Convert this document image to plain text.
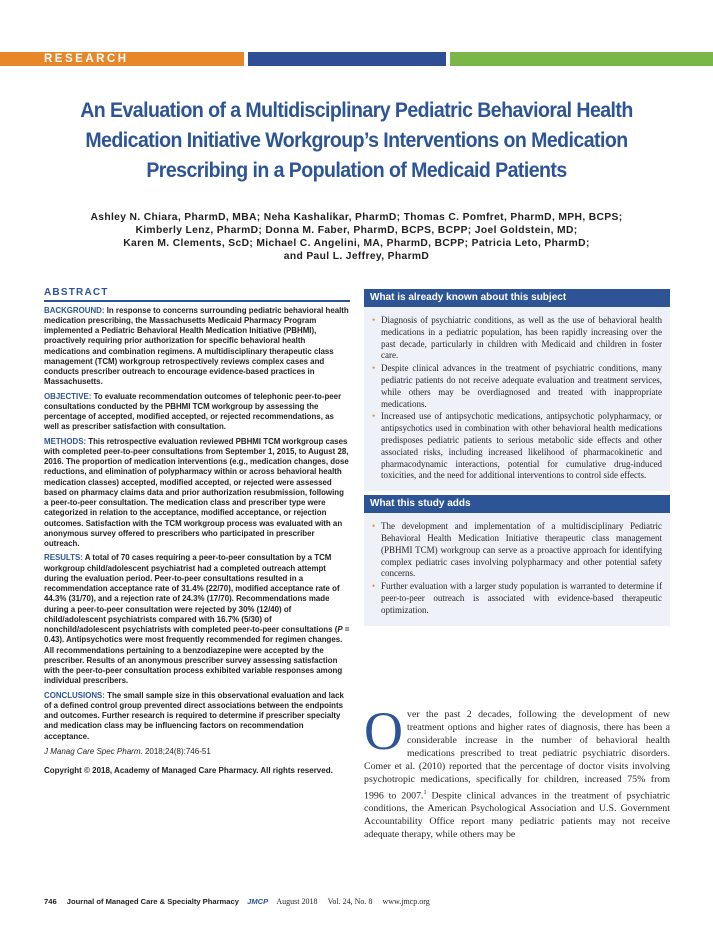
RESEARCH
An Evaluation of a Multidisciplinary Pediatric Behavioral Health Medication Initiative Workgroup’s Interventions on Medication Prescribing in a Population of Medicaid Patients
Ashley N. Chiara, PharmD, MBA; Neha Kashalikar, PharmD; Thomas C. Pomfret, PharmD, MPH, BCPS;
Kimberly Lenz, PharmD; Donna M. Faber, PharmD, BCPS, BCPP; Joel Goldstein, MD;
Karen M. Clements, ScD; Michael C. Angelini, MA, PharmD, BCPP; Patricia Leto, PharmD;
and Paul L. Jeffrey, PharmD
ABSTRACT

BACKGROUND: In response to concerns surrounding pediatric behavioral health medication prescribing, the Massachusetts Medicaid Pharmacy Program implemented a Pediatric Behavioral Health Medication Initiative (PBHMI), proactively requiring prior authorization for specific behavioral health medications and combination regimens. A multidisciplinary therapeutic class management (TCM) workgroup retrospectively reviews complex cases and conducts prescriber outreach to encourage evidence-based practices in Massachusetts.

OBJECTIVE: To evaluate recommendation outcomes of telephonic peer-to-peer consultations conducted by the PBHMI TCM workgroup by assessing the percentage of accepted, modified accepted, or rejected recommendations, as well as prescriber satisfaction with consultation.

METHODS: This retrospective evaluation reviewed PBHMI TCM workgroup cases with completed peer-to-peer consultations from September 1, 2015, to August 28, 2016. The proportion of medication interventions (e.g., medication changes, dose reductions, and elimination of polypharmacy within or across behavioral health medication classes) accepted, modified accepted, or rejected were assessed based on pharmacy claims data and prior authorization resubmission, following a peer-to-peer consultation. The medication class and prescriber type were categorized in relation to the acceptance, modified acceptance, or rejection outcomes. Satisfaction with the TCM workgroup process was evaluated with an anonymous survey offered to prescribers who participated in prescriber outreach.

RESULTS: A total of 70 cases requiring a peer-to-peer consultation by a TCM workgroup child/adolescent psychiatrist had a completed outreach attempt during the evaluation period. Peer-to-peer consultations resulted in a recommendation acceptance rate of 31.4% (22/70), modified acceptance rate of 44.3% (31/70), and a rejection rate of 24.3% (17/70). Recommendations made during a peer-to-peer consultation were rejected by 30% (12/40) of child/adolescent psychiatrists compared with 16.7% (5/30) of nonchild/adolescent psychiatrists with completed peer-to-peer consultations (P = 0.43). Antipsychotics were most frequently recommended for regimen changes. All recommendations pertaining to a benzodiazepine were accepted by the prescriber. Results of an anonymous prescriber survey assessing satisfaction with the peer-to-peer consultation process exhibited variable responses among individual prescribers.

CONCLUSIONS: The small sample size in this observational evaluation and lack of a defined control group prevented direct associations between the endpoints and outcomes. Further research is required to determine if prescriber specialty and medication class may be influencing factors on recommendation acceptance.

J Manag Care Spec Pharm. 2018;24(8):746-51

Copyright © 2018, Academy of Managed Care Pharmacy. All rights reserved.

What is already known about this subject
• Diagnosis of psychiatric conditions, as well as the use of behavioral health medications in a pediatric population, has been rapidly increasing over the past decade, particularly in children with Medicaid and children in foster care.
• Despite clinical advances in the treatment of psychiatric conditions, many pediatric patients do not receive adequate evaluation and treatment services, while others may be overdiagnosed and treated with inappropriate medications.
• Increased use of antipsychotic medications, antipsychotic polypharmacy, or antipsychotics used in combination with other behavioral health medications predisposes pediatric patients to serious metabolic side effects and other associated risks, including increased likelihood of pharmacokinetic and pharmacodynamic interactions, potential for cumulative drug-induced toxicities, and the need for additional interventions to control side effects.
What this study adds
• The development and implementation of a multidisciplinary Pediatric Behavioral Health Medication Initiative therapeutic class management (PBHMI TCM) workgroup can serve as a proactive approach for identifying complex pediatric cases involving polypharmacy and other potential safety concerns.
• Further evaluation with a larger study population is warranted to determine if peer-to-peer outreach is associated with evidence-based therapeutic optimization.
Over the past 2 decades, following the development of new treatment options and higher rates of diagnosis, there has been a considerable increase in the number of behavioral health medications prescribed to treat pediatric psychiatric disorders. Comer et al. (2010) reported that the percentage of doctor visits involving psychotropic medications, specifically for children, increased 75% from 1996 to 2007.$^1$ Despite clinical advances in the treatment of psychiatric conditions, the American Psychological Association and U.S. Government Accountability Office report many pediatric patients may not receive adequate therapy, while others may be
746 Journal of Managed Care & Specialty Pharmacy JMCP August 2018 Vol. 24, No. 8 www.jmcp.org
